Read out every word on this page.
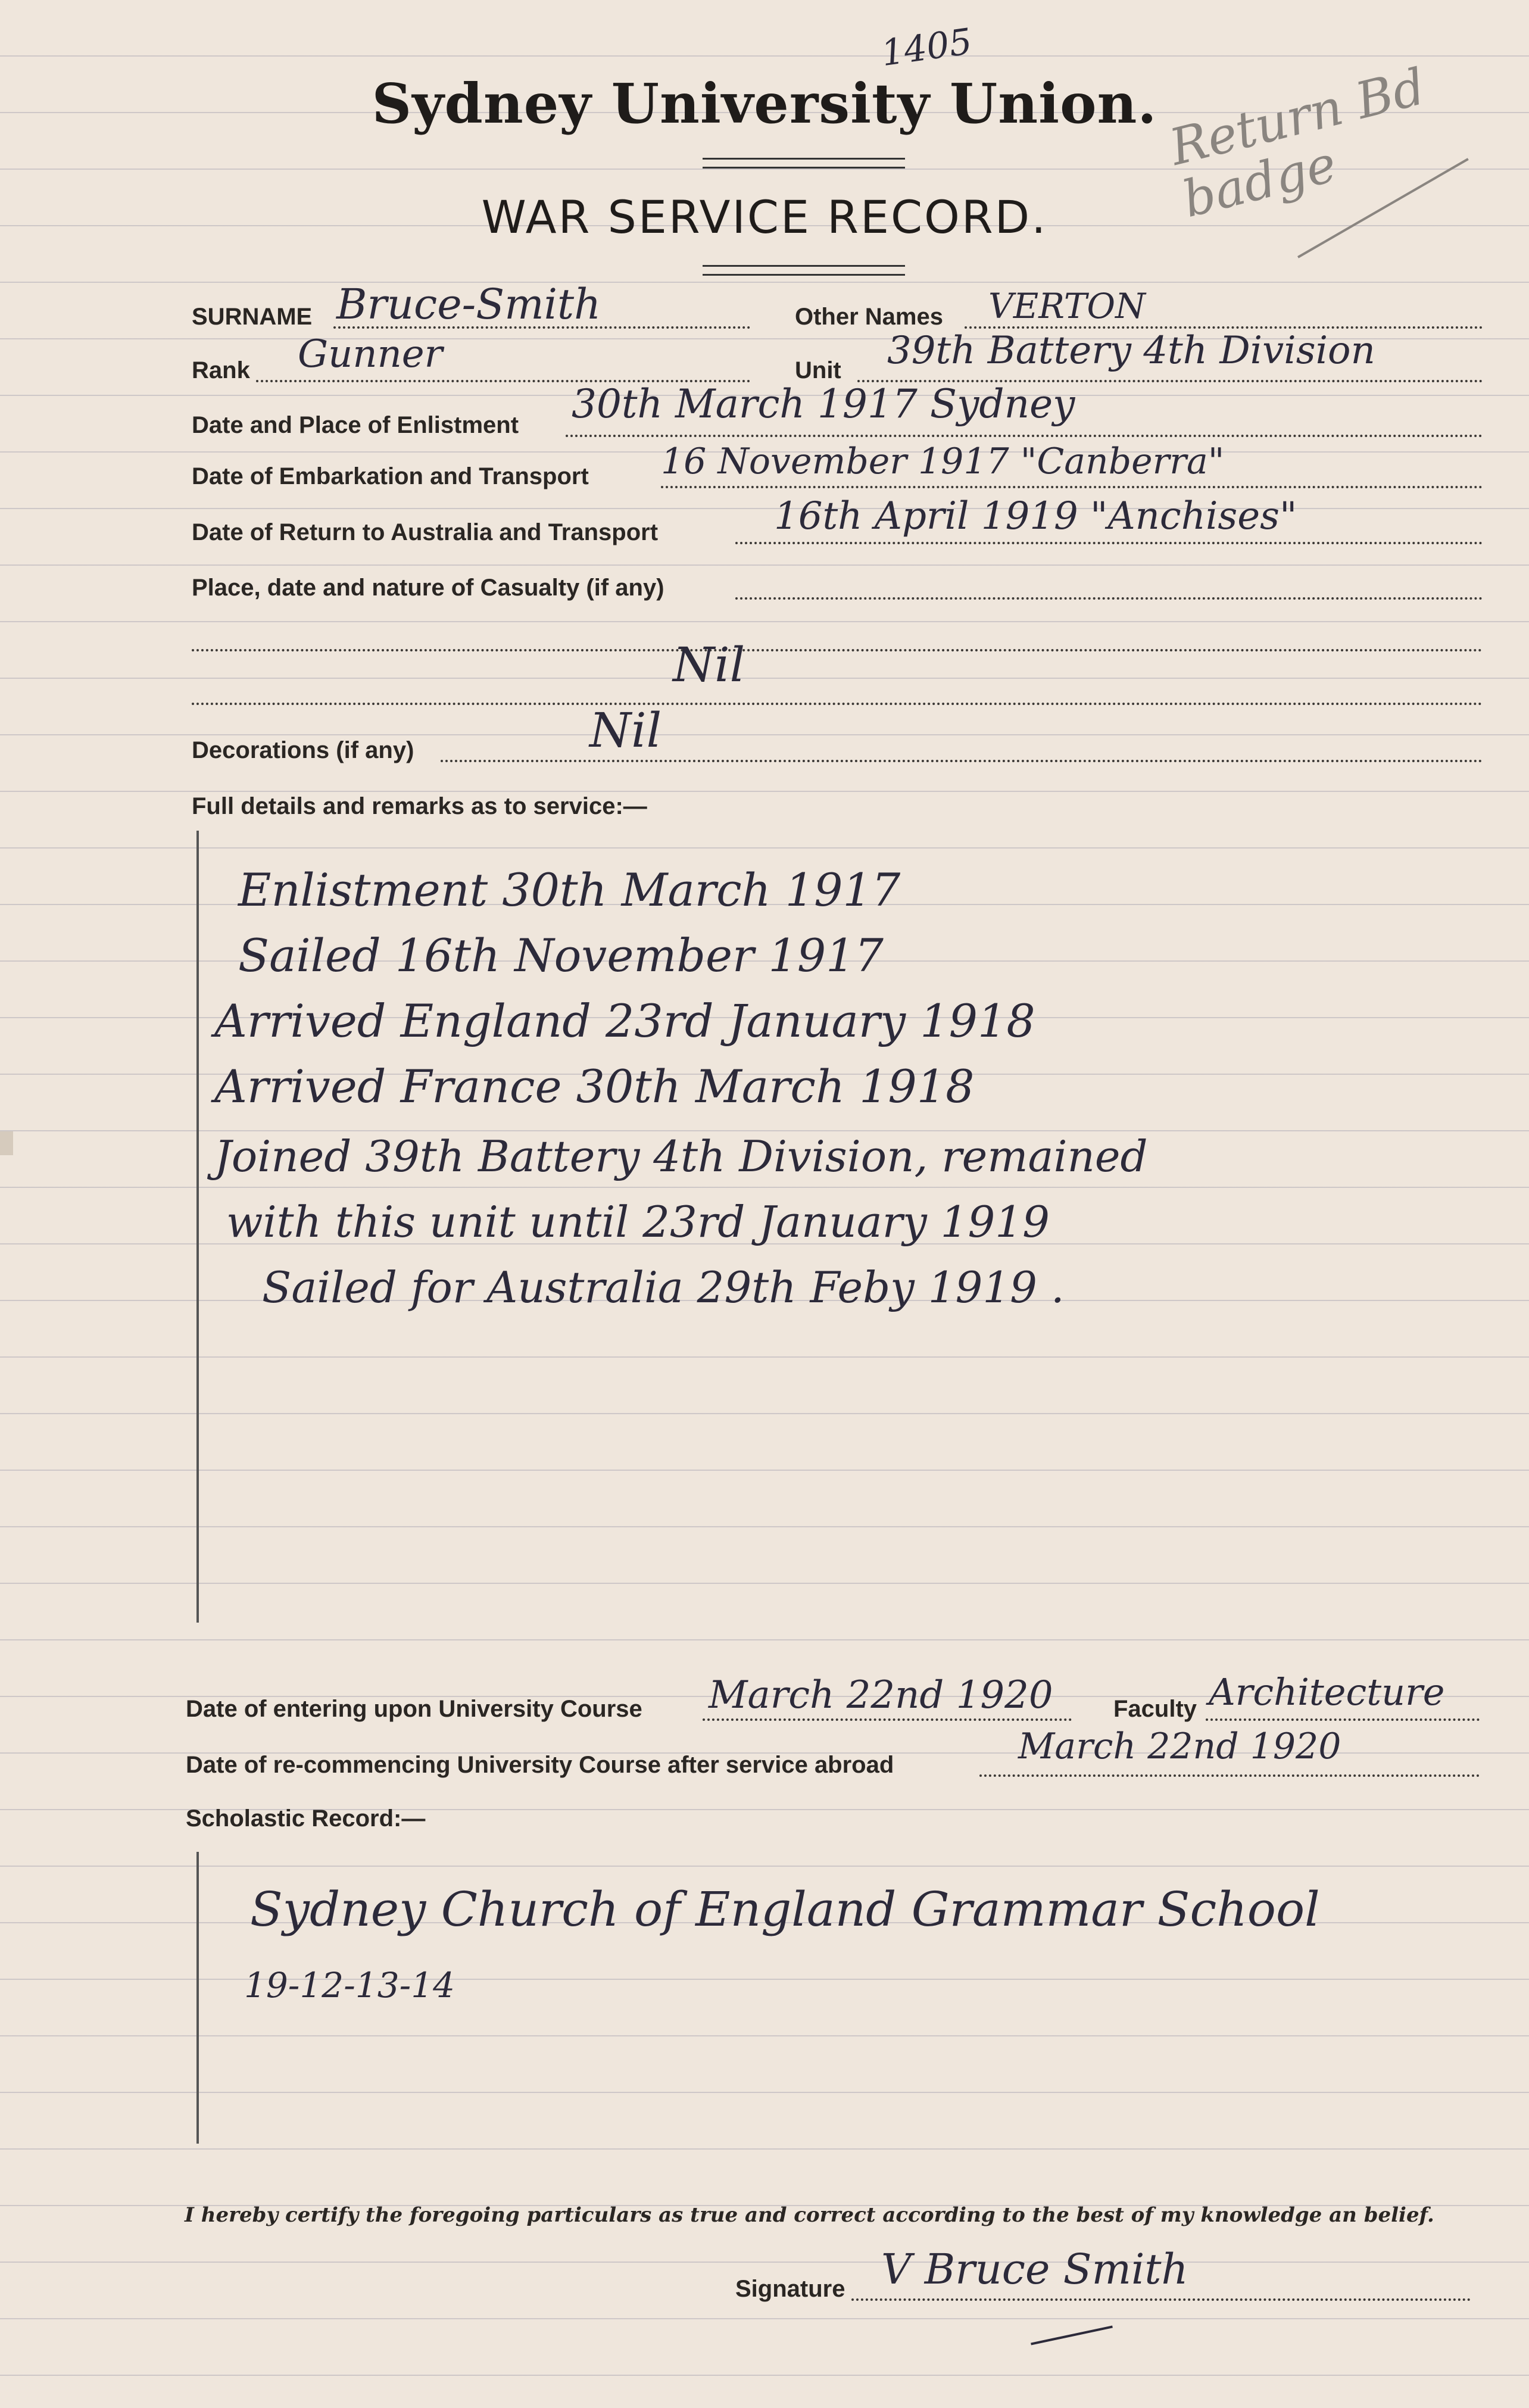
1405
Sydney University Union.
WAR SERVICE RECORD.
Return Bd badge
SURNAME Bruce-Smith	Other Names VERTON
Rank Gunner	Unit 39th Battery 4th Division
Date and Place of Enlistment 30th March 1917 Sydney
Date of Embarkation and Transport 16 November 1917 "Canberra"
Date of Return to Australia and Transport	16th April 1919 "Anchises"
Place, date and nature of Casualty (if any)
Nil
Decorations (if any)	Nil
Full details and remarks as to service:—
Enlistment 30th March 1917
Sailed 16th November 1917
Arrived England 23rd January 1918
Arrived France 30th March 1918
Joined 39th Battery 4th Division, remained
with this unit until 23rd January 1919
Sailed for Australia 29th Feby 1919 .
Date of entering upon University Course March 22nd 1920	Faculty Architecture
Date of re-commencing University Course after service abroad	March 22nd 1920
Scholastic Record:—
Sydney Church of England Grammar School
19-12-13-14
I hereby certify the foregoing particulars as true and correct according to the best of my knowledge an belief.
Signature V Bruce Smith
